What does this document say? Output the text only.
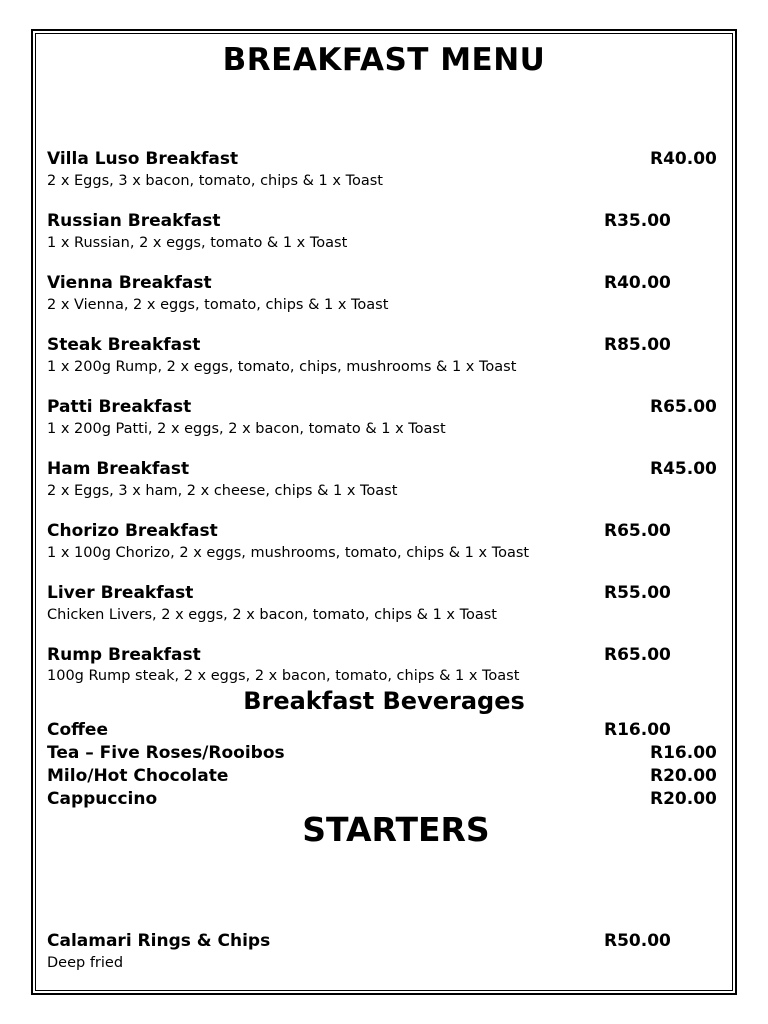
BREAKFAST MENU
Villa Luso Breakfast	R40.00
2 x Eggs, 3 x bacon, tomato, chips & 1 x Toast
Russian Breakfast	R35.00
1 x Russian, 2 x eggs, tomato & 1 x Toast
Vienna Breakfast	R40.00
2 x Vienna, 2 x eggs, tomato, chips & 1 x Toast
Steak Breakfast	R85.00
1 x 200g Rump, 2 x eggs, tomato, chips, mushrooms & 1 x Toast
Patti Breakfast	R65.00
1 x 200g Patti, 2 x eggs, 2 x bacon, tomato & 1 x Toast
Ham Breakfast	R45.00
2 x Eggs, 3 x ham, 2 x cheese, chips & 1 x Toast
Chorizo Breakfast	R65.00
1 x 100g Chorizo, 2 x eggs, mushrooms, tomato, chips & 1 x Toast
Liver Breakfast	R55.00
Chicken Livers, 2 x eggs, 2 x bacon, tomato, chips & 1 x Toast
Rump Breakfast	R65.00
100g Rump steak, 2 x eggs, 2 x bacon, tomato, chips & 1 x Toast
Breakfast Beverages
Coffee	R16.00
Tea – Five Roses/Rooibos	R16.00
Milo/Hot Chocolate	R20.00
Cappuccino	R20.00
STARTERS
Calamari Rings & Chips	R50.00
Deep fried
